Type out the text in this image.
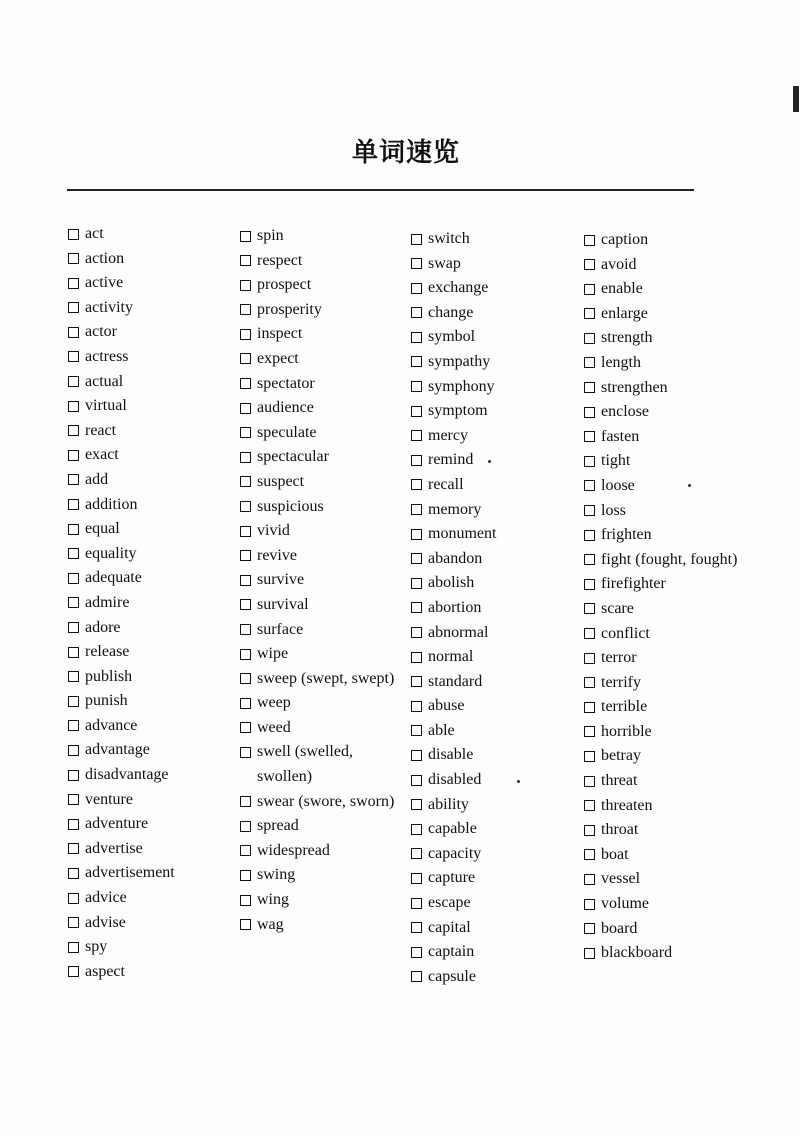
单词速览
act
action
active
activity
actor
actress
actual
virtual
react
exact
add
addition
equal
equality
adequate
admire
adore
release
publish
punish
advance
advantage
disadvantage
venture
adventure
advertise
advertisement
advice
advise
spy
aspect
spin
respect
prospect
prosperity
inspect
expect
spectator
audience
speculate
spectacular
suspect
suspicious
vivid
revive
survive
survival
surface
wipe
sweep (swept, swept)
weep
weed
swell (swelled, swollen)
swear (swore, sworn)
spread
widespread
swing
wing
wag
switch
swap
exchange
change
symbol
sympathy
symphony
symptom
mercy
remind
recall
memory
monument
abandon
abolish
abortion
abnormal
normal
standard
abuse
able
disable
disabled
ability
capable
capacity
capture
escape
capital
captain
capsule
caption
avoid
enable
enlarge
strength
length
strengthen
enclose
fasten
tight
loose
loss
frighten
fight (fought, fought)
firefighter
scare
conflict
terror
terrify
terrible
horrible
betray
threat
threaten
throat
boat
vessel
volume
board
blackboard
